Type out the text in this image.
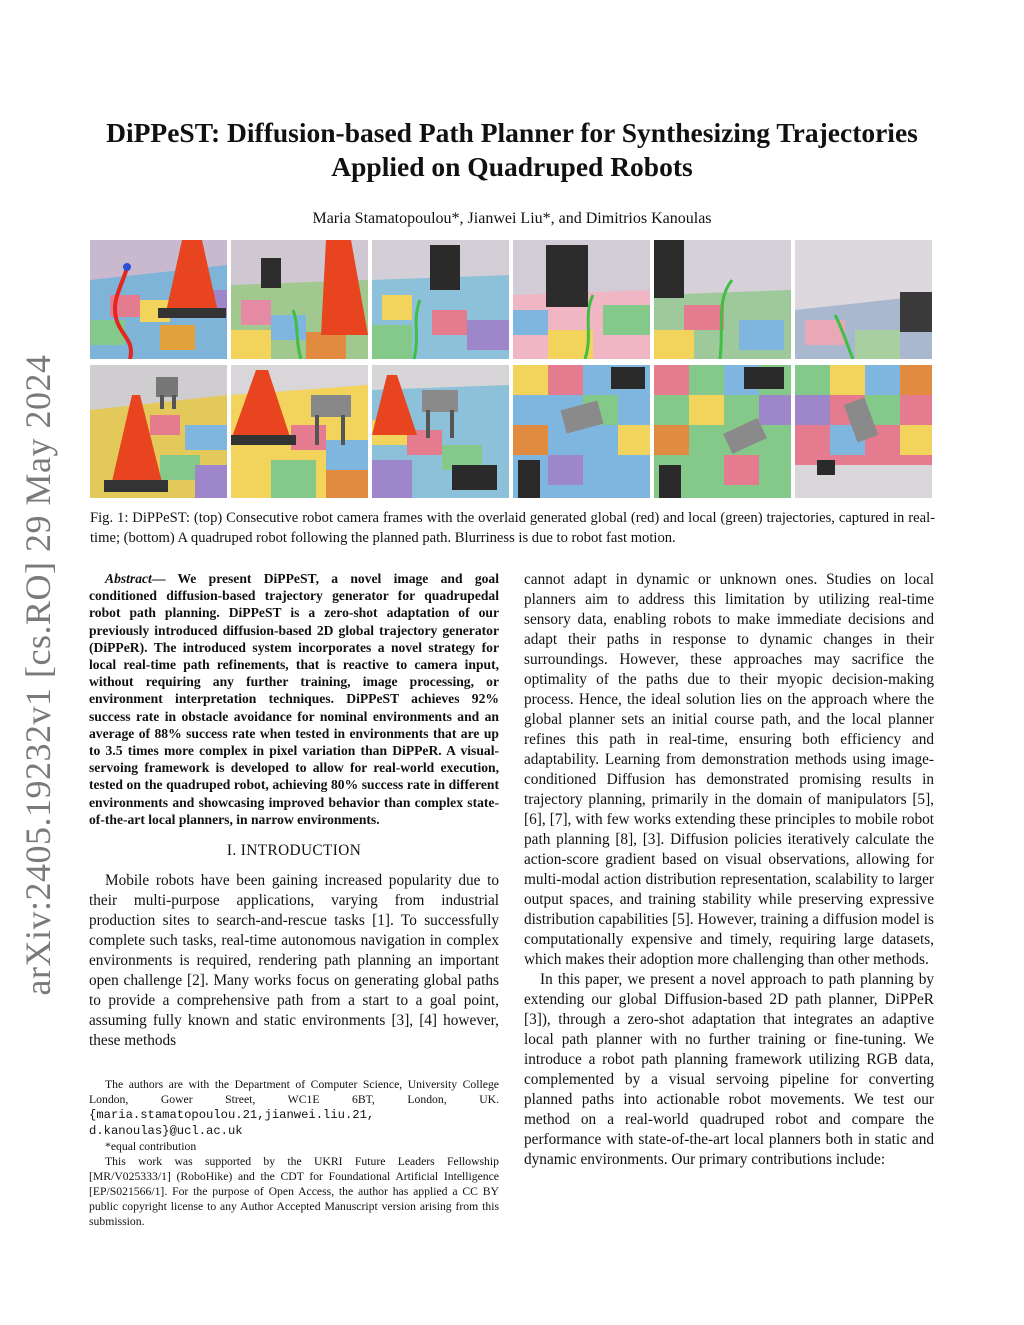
arXiv:2405.19232v1 [cs.RO] 29 May 2024
DiPPeST: Diffusion-based Path Planner for Synthesizing Trajectories
Applied on Quadruped Robots
Maria Stamatopoulou*, Jianwei Liu*, and Dimitrios Kanoulas

Fig. 1: DiPPeST: (top) Consecutive robot camera frames with the overlaid generated global (red) and local (green) trajectories, captured in real-time; (bottom) A quadruped robot following the planned path. Blurriness is due to robot fast motion.

Abstract— We present DiPPeST, a novel image and goal conditioned diffusion-based trajectory generator for quadrupedal robot path planning. DiPPeST is a zero-shot adaptation of our previously introduced diffusion-based 2D global trajectory generator (DiPPeR). The introduced system incorporates a novel strategy for local real-time path refinements, that is reactive to camera input, without requiring any further training, image processing, or environment interpretation techniques. DiPPeST achieves 92% success rate in obstacle avoidance for nominal environments and an average of 88% success rate when tested in environments that are up to 3.5 times more complex in pixel variation than DiPPeR. A visual-servoing framework is developed to allow for real-world execution, tested on the quadruped robot, achieving 80% success rate in different environments and showcasing improved behavior than complex state-of-the-art local planners, in narrow environments.

I. INTRODUCTION

Mobile robots have been gaining increased popularity due to their multi-purpose applications, varying from industrial production sites to search-and-rescue tasks [1]. To successfully complete such tasks, real-time autonomous navigation in complex environments is required, rendering path planning an important open challenge [2]. Many works focus on generating global paths to provide a comprehensive path from a start to a goal point, assuming fully known and static environments [3], [4] however, these methods

cannot adapt in dynamic or unknown ones. Studies on local planners aim to address this limitation by utilizing real-time sensory data, enabling robots to make immediate decisions and adapt their paths in response to dynamic changes in their surroundings. However, these approaches may sacrifice the optimality of the paths due to their myopic decision-making process. Hence, the ideal solution lies on the approach where the global planner sets an initial course path, and the local planner refines this path in real-time, ensuring both efficiency and adaptability. Learning from demonstration methods using image-conditioned Diffusion has demonstrated promising results in trajectory planning, primarily in the domain of manipulators [5], [6], [7], with few works extending these principles to mobile robot path planning [8], [3]. Diffusion policies iteratively calculate the action-score gradient based on visual observations, allowing for multi-modal action distribution representation, scalability to larger output spaces, and training stability while preserving expressive distribution capabilities [5]. However, training a diffusion model is computationally expensive and timely, requiring large datasets, which makes their adoption more challenging than other methods.

In this paper, we present a novel approach to path planning by extending our global Diffusion-based 2D path planner, DiPPeR [3]), through a zero-shot adaptation that integrates an adaptive local path planner with no further training or fine-tuning. We introduce a robot path planning framework utilizing RGB data, complemented by a visual servoing pipeline for converting planned paths into actionable robot movements. We test our method on a real-world quadruped robot and compare the performance with state-of-the-art local planners both in static and dynamic environments. Our primary contributions include:

The authors are with the Department of Computer Science, University College London, Gower Street, WC1E 6BT, London, UK. {maria.stamatopoulou.21,jianwei.liu.21, d.kanoulas}@ucl.ac.uk

*equal contribution

This work was supported by the UKRI Future Leaders Fellowship [MR/V025333/1] (RoboHike) and the CDT for Foundational Artificial Intelligence [EP/S021566/1]. For the purpose of Open Access, the author has applied a CC BY public copyright license to any Author Accepted Manuscript version arising from this submission.
